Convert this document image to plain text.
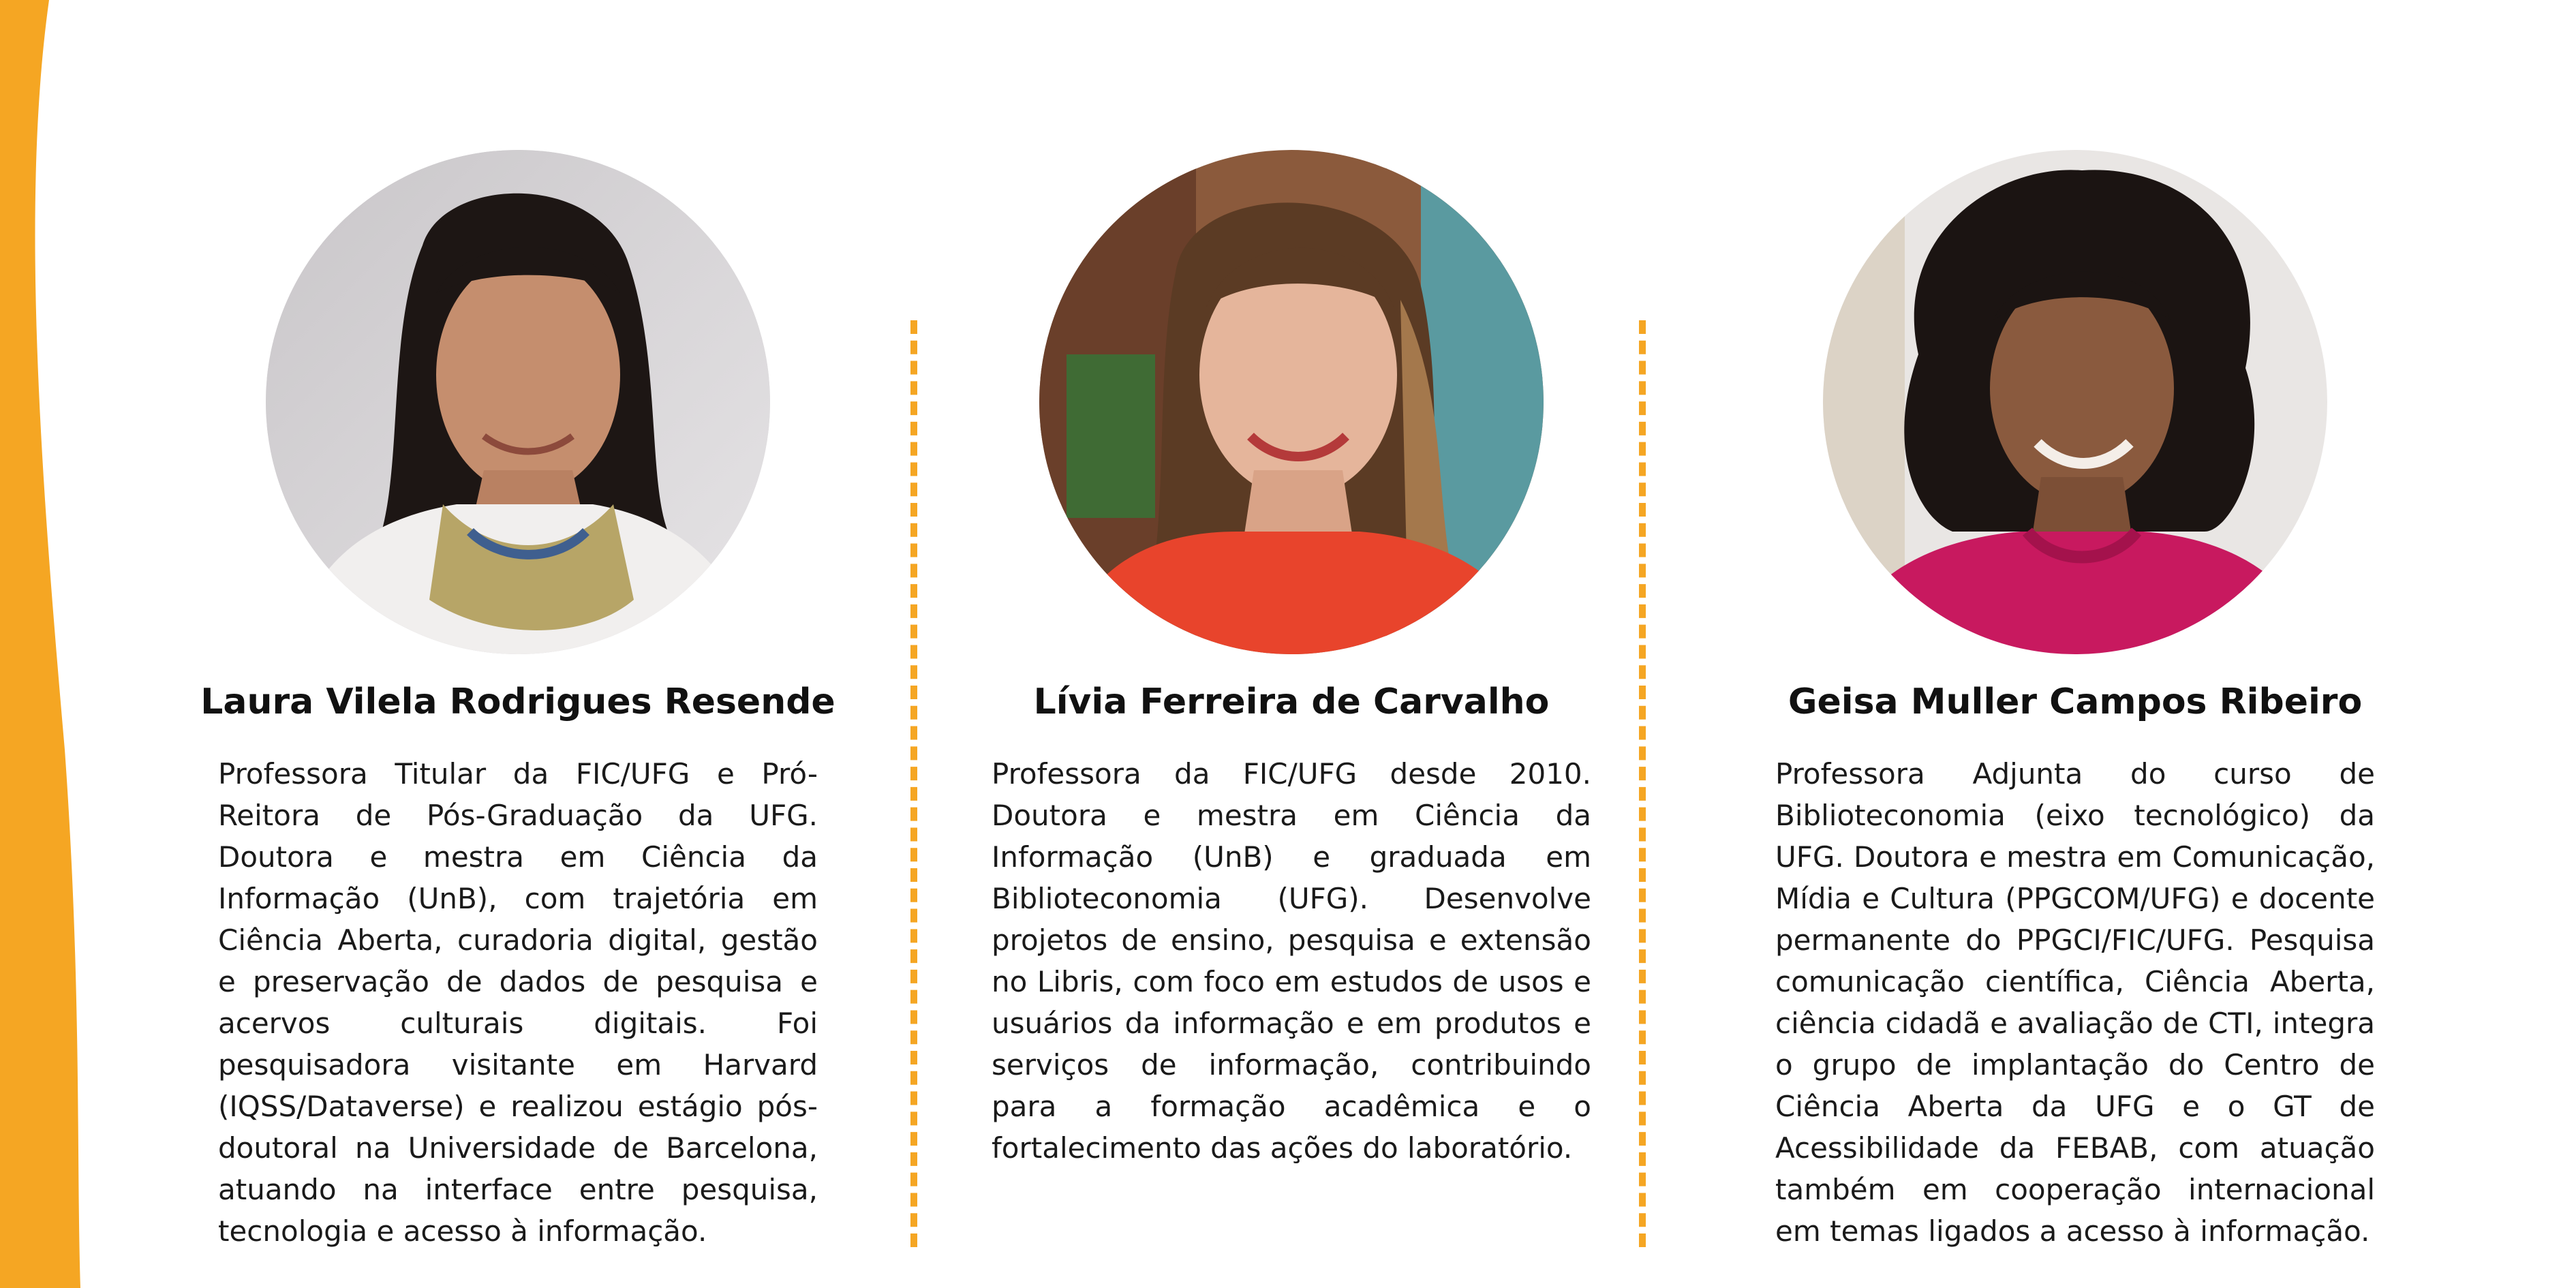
Laura Vilela Rodrigues Resende
Professora Titular da FIC/UFG e Pró-Reitora de Pós-Graduação da UFG. Doutora e mestra em Ciência da Informação (UnB), com trajetória em Ciência Aberta, curadoria digital, gestão e preservação de dados de pesquisa e acervos culturais digitais. Foi pesquisadora visitante em Harvard (IQSS/Dataverse) e realizou estágio pós-doutoral na Universidade de Barcelona, atuando na interface entre pesquisa, tecnologia e acesso à informação.
Lívia Ferreira de Carvalho
Professora da FIC/UFG desde 2010. Doutora e mestra em Ciência da Informação (UnB) e graduada em Biblioteconomia (UFG). Desenvolve projetos de ensino, pesquisa e extensão no Libris, com foco em estudos de usos e usuários da informação e em produtos e serviços de informação, contribuindo para a formação acadêmica e o fortalecimento das ações do laboratório.
Geisa Muller Campos Ribeiro
Professora Adjunta do curso de Biblioteconomia (eixo tecnológico) da UFG. Doutora e mestra em Comunicação, Mídia e Cultura (PPGCOM/UFG) e docente permanente do PPGCI/FIC/UFG. Pesquisa comunicação científica, Ciência Aberta, ciência cidadã e avaliação de CTI, integra o grupo de implantação do Centro de Ciência Aberta da UFG e o GT de Acessibilidade da FEBAB, com atuação também em cooperação internacional em temas ligados a acesso à informação.
